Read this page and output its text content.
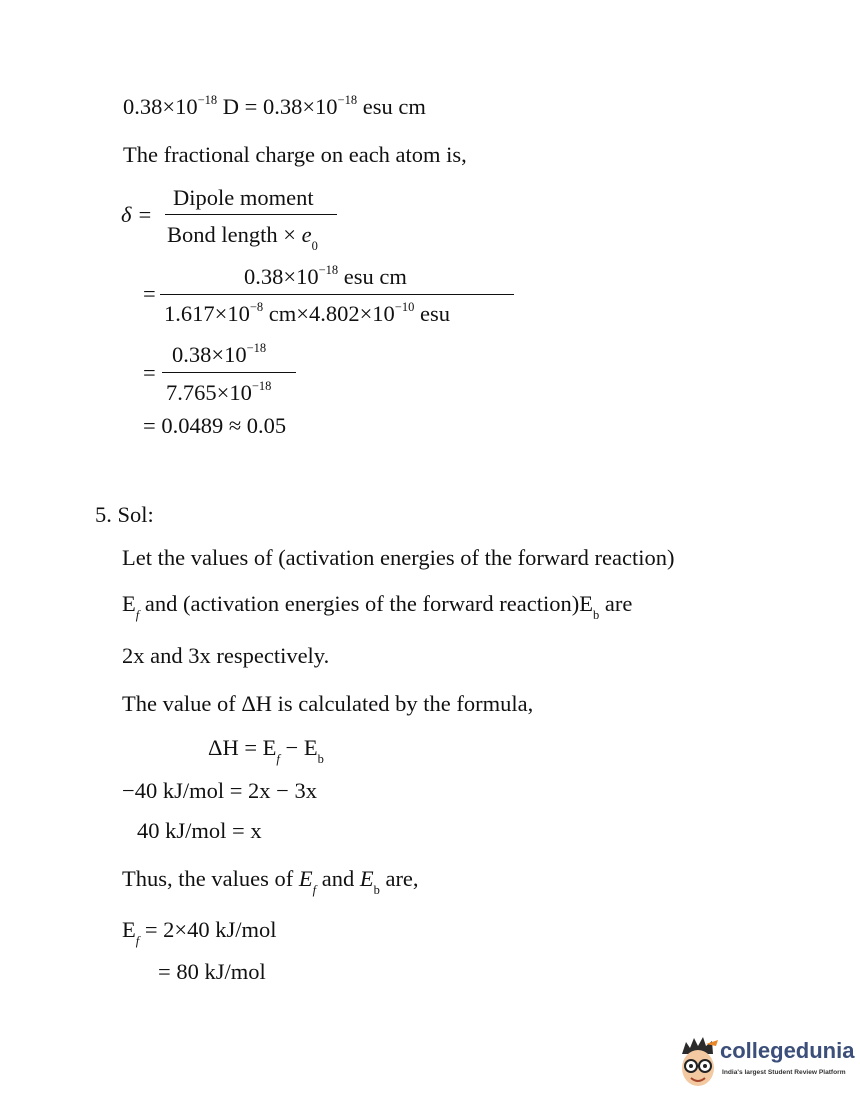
$0.38\times 10^{-18}$ $D = 0.38\times 10^{-18}$ esu cm
The fractional charge on each atom is,
δ =
Dipole moment
Bond length × $e_0$
=
$0.38\times 10^{-18}$ esu cm
$1.617\times 10^{-8}$ $cm\times 4.802\times 10^{-10}$ esu
=
$0.38\times 10^{-18}$
$7.765\times 10^{-18}$
= 0.0489 ≈ 0.05
5. Sol:
Let the values of (activation energies of the forward reaction)
$E_f$ and (activation energies of the forward $reaction)E_b$ are
2x and 3x respectively.
The value of ΔH is calculated by the formula,
$\Delta H = E_f - E_b$
−40 kJ/mol = 2x − 3x
40 kJ/mol = x
Thus, the values of $E_f$ and $E_b$ are,
$E_f = 2\times 40$ kJ/mol
= 80 kJ/mol
collegedunia
India's largest Student Review Platform
